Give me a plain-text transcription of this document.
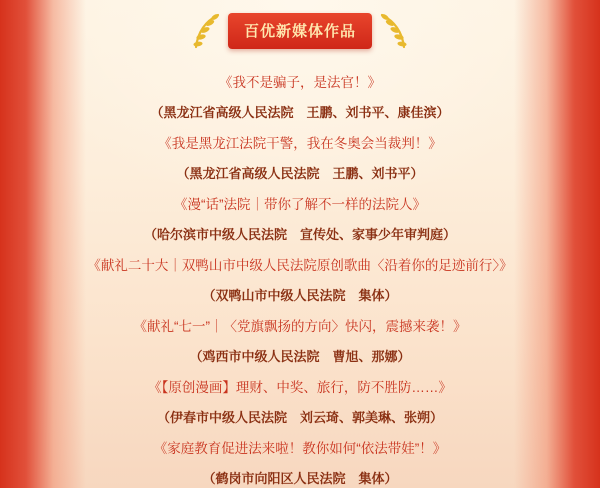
百优新媒体作品
《我不是骗子，是法官！》
（黑龙江省高级人民法院　王鹏、刘书平、康佳滨）
《我是黑龙江法院干警，我在冬奥会当裁判！》
（黑龙江省高级人民法院　王鹏、刘书平）
《漫“话”法院｜带你了解不一样的法院人》
（哈尔滨市中级人民法院　宣传处、家事少年审判庭）
《献礼二十大｜双鸭山市中级人民法院原创歌曲〈沿着你的足迹前行〉》
（双鸭山市中级人民法院　集体）
《献礼“七一”｜〈党旗飘扬的方向〉快闪，震撼来袭！》
（鸡西市中级人民法院　曹旭、那娜）
《【原创漫画】理财、中奖、旅行，防不胜防……》
（伊春市中级人民法院　刘云琦、郭美琳、张朔）
《家庭教育促进法来啦！教你如何“依法带娃”！》
（鹤岗市向阳区人民法院　集体）
